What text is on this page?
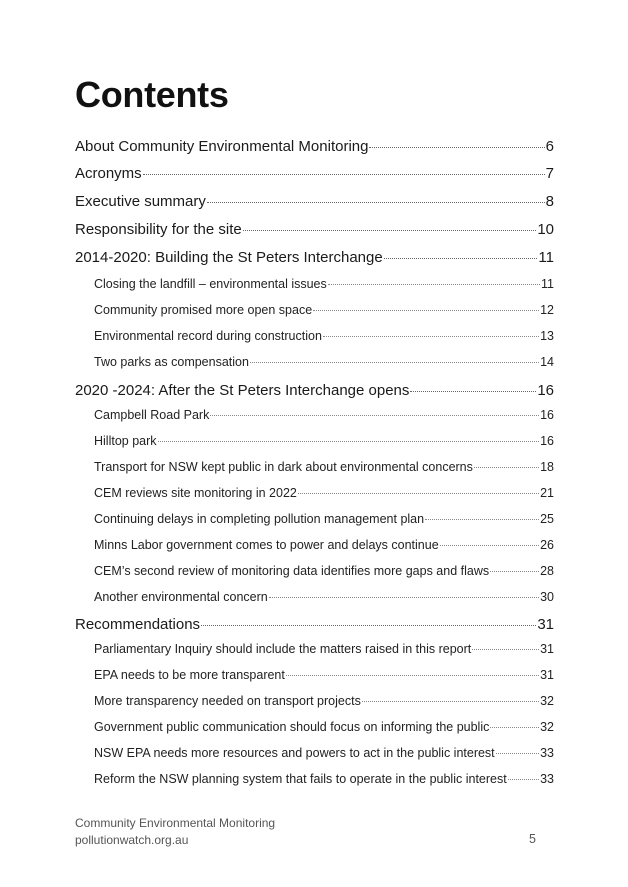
Contents
About Community Environmental Monitoring	6
Acronyms	7
Executive summary	8
Responsibility for the site	10
2014-2020: Building the St Peters Interchange	11
Closing the landfill – environmental issues	11
Community promised more open space	12
Environmental record during construction	13
Two parks as compensation	14
2020 -2024: After the St Peters Interchange opens	16
Campbell Road Park	16
Hilltop park	16
Transport for NSW kept public in dark about environmental concerns	18
CEM reviews site monitoring in 2022	21
Continuing delays in completing pollution management plan	25
Minns Labor government comes to power and delays continue	26
CEM’s second review of monitoring data identifies more gaps and flaws	28
Another environmental concern	30
Recommendations	31
Parliamentary Inquiry should include the matters raised in this report	31
EPA needs to be more transparent	31
More transparency needed on transport projects	32
Government public communication should focus on informing the public	32
NSW EPA needs more resources and powers to act in the public interest	33
Reform the NSW planning system that fails to operate in the public interest	33
Community Environmental Monitoring
pollutionwatch.org.au	5
